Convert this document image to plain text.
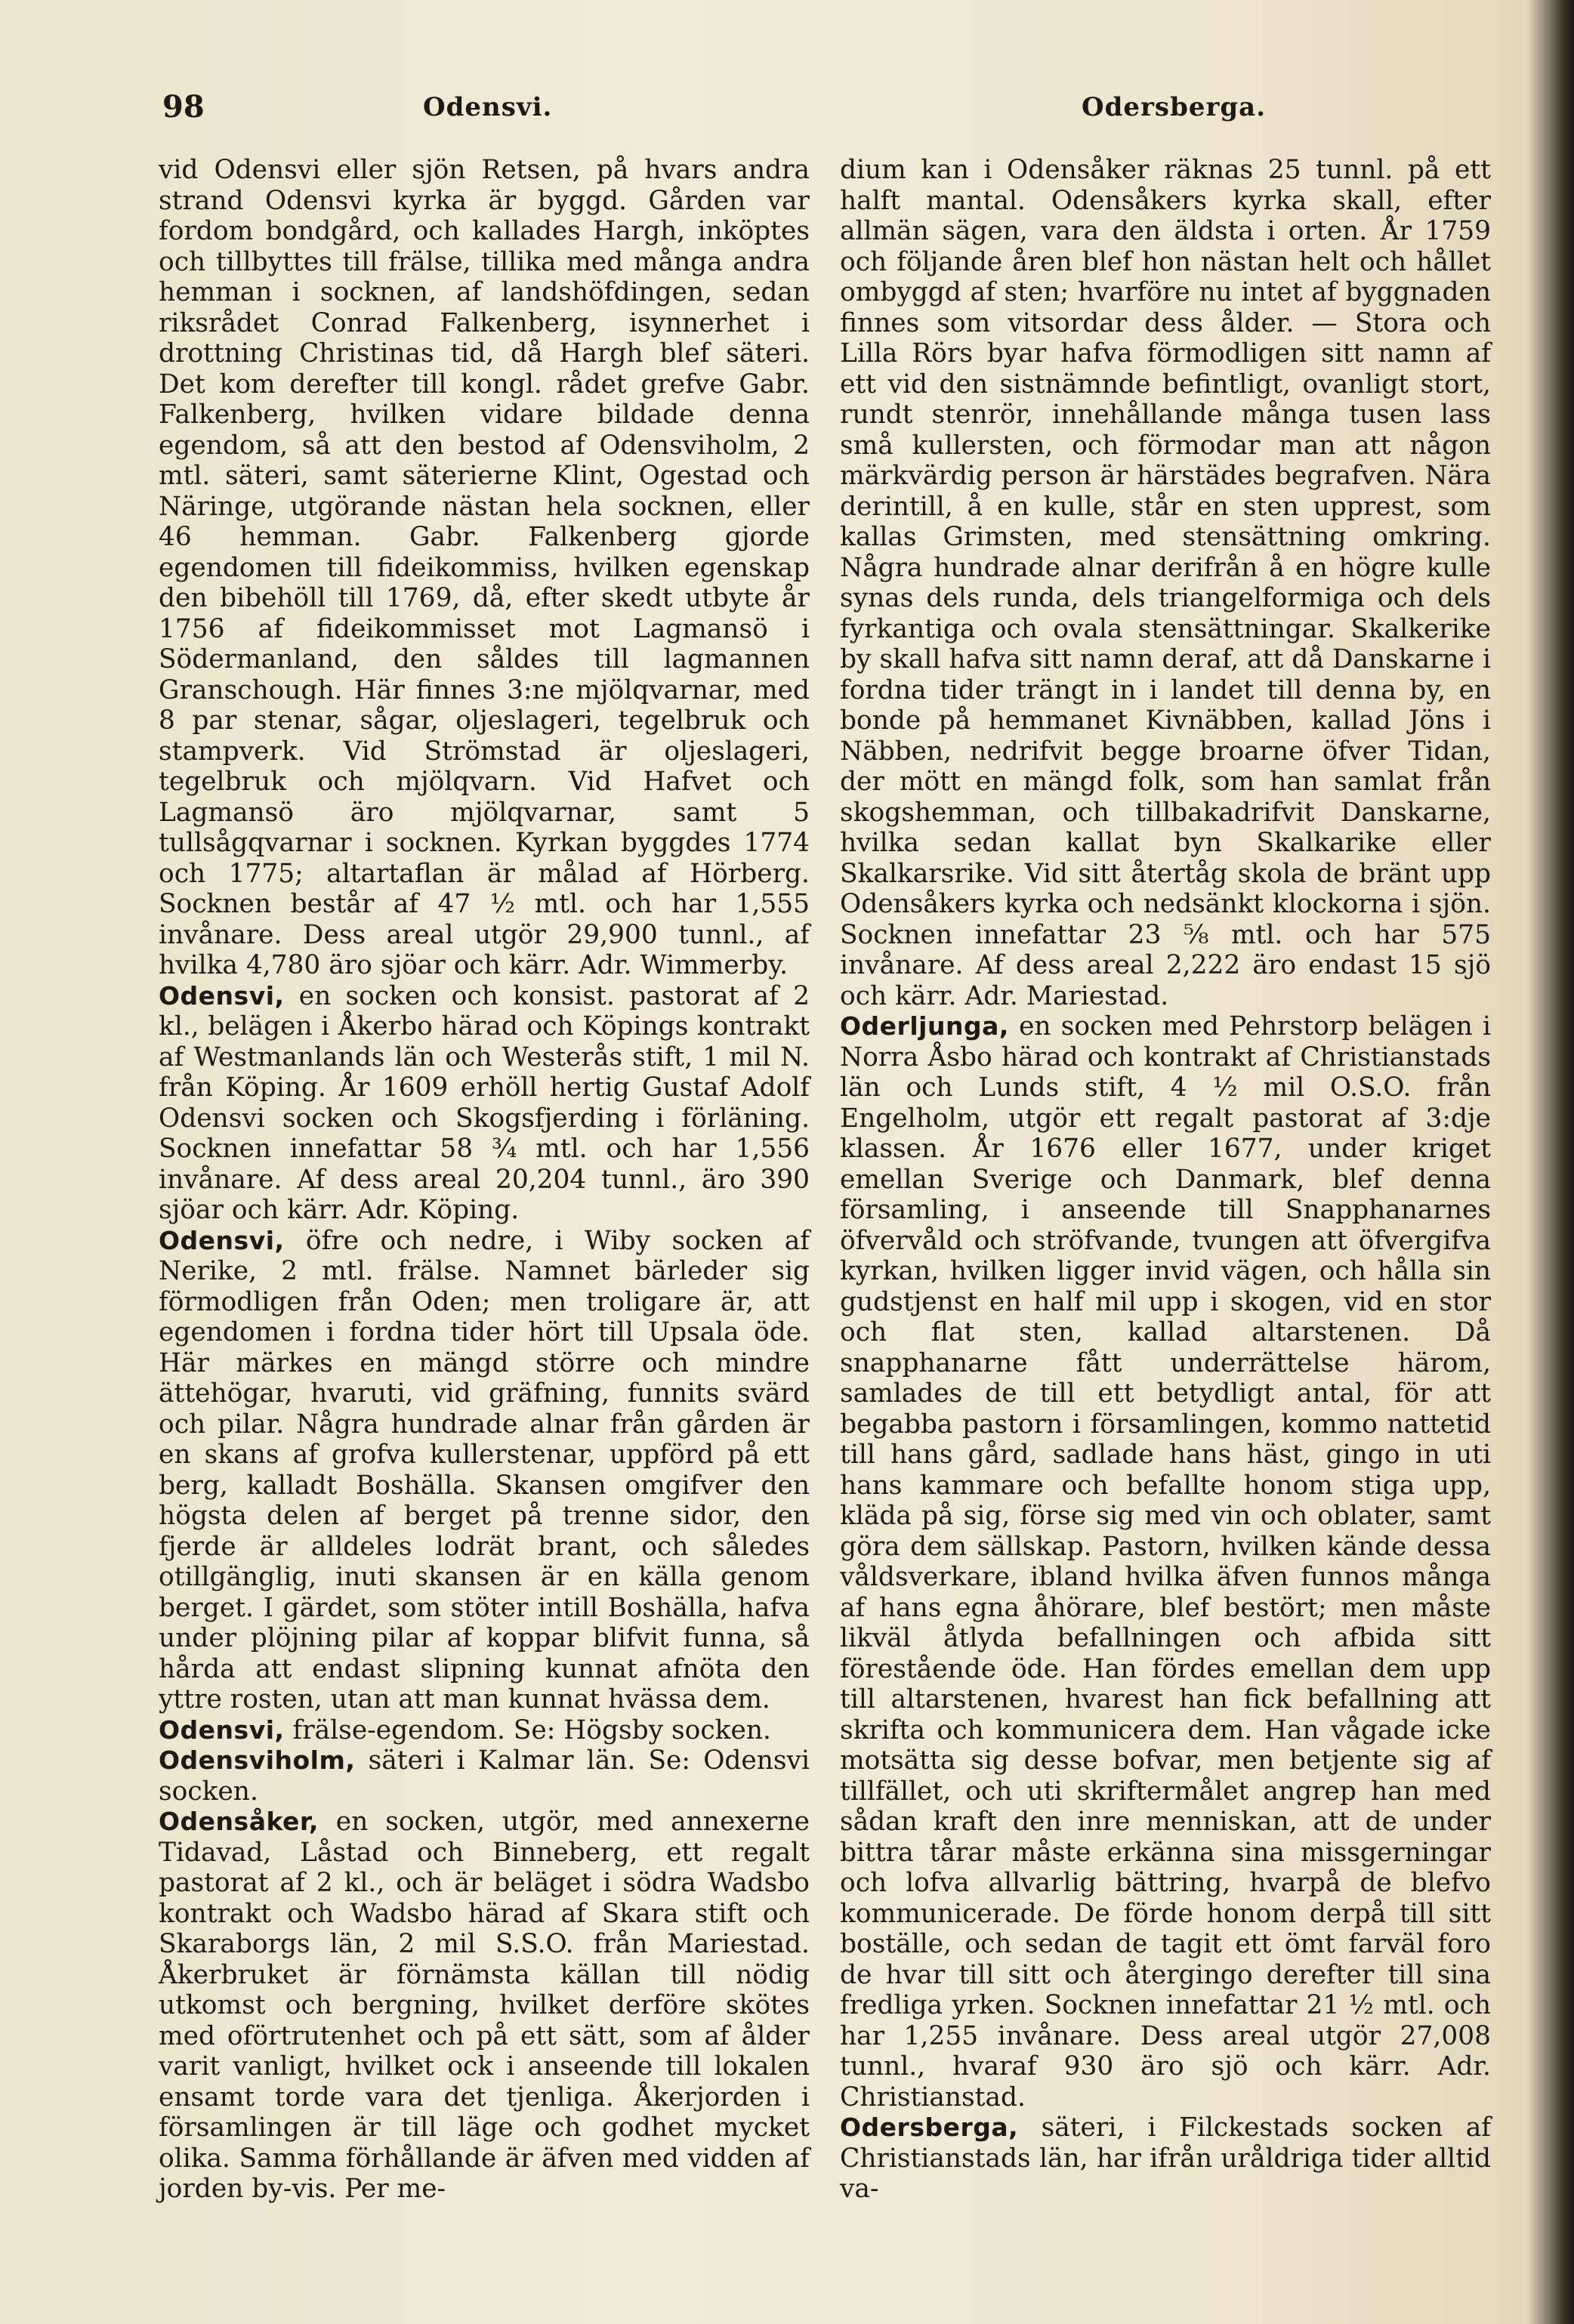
98	Odensvi.	Odersberga.

vid Odensvi eller sjön Retsen, på hvars andra strand Odensvi kyrka är byggd. Gården var fordom bondgård, och kallades Hargh, inköptes och tillbyttes till frälse, tillika med många andra hemman i socknen, af landshöfdingen, sedan riksrådet Conrad Falkenberg, isynnerhet i drottning Christinas tid, då Hargh blef säteri. Det kom derefter till kongl. rådet grefve Gabr. Falkenberg, hvilken vidare bildade denna egendom, så att den bestod af Odensviholm, 2 mtl. säteri, samt säterierne Klint, Ogestad och Näringe, utgörande nästan hela socknen, eller 46 hemman. Gabr. Falkenberg gjorde egendomen till fideikommiss, hvilken egenskap den bibehöll till 1769, då, efter skedt utbyte år 1756 af fideikommisset mot Lagmansö i Södermanland, den såldes till lagmannen Granschough. Här finnes 3:ne mjölqvarnar, med 8 par stenar, sågar, oljeslageri, tegelbruk och stampverk. Vid Strömstad är oljeslageri, tegelbruk och mjölqvarn. Vid Hafvet och Lagmansö äro mjölqvarnar, samt 5 tullsågqvarnar i socknen. Kyrkan byggdes 1774 och 1775; altartaflan är målad af Hörberg. Socknen består af 47 ½ mtl. och har 1,555 invånare. Dess areal utgör 29,900 tunnl., af hvilka 4,780 äro sjöar och kärr. Adr. Wimmerby.

Odensvi, en socken och konsist. pastorat af 2 kl., belägen i Åkerbo härad och Köpings kontrakt af Westmanlands län och Westerås stift, 1 mil N. från Köping. År 1609 erhöll hertig Gustaf Adolf Odensvi socken och Skogsfjerding i förläning. Socknen innefattar 58 ¾ mtl. och har 1,556 invånare. Af dess areal 20,204 tunnl., äro 390 sjöar och kärr. Adr. Köping.

Odensvi, öfre och nedre, i Wiby socken af Nerike, 2 mtl. frälse. Namnet bärleder sig förmodligen från Oden; men troligare är, att egendomen i fordna tider hört till Upsala öde. Här märkes en mängd större och mindre ättehögar, hvaruti, vid gräfning, funnits svärd och pilar. Några hundrade alnar från gården är en skans af grofva kullerstenar, uppförd på ett berg, kalladt Boshälla. Skansen omgifver den högsta delen af berget på trenne sidor, den fjerde är alldeles lodrät brant, och således otillgänglig, inuti skansen är en källa genom berget. I gärdet, som stöter intill Boshälla, hafva under plöjning pilar af koppar blifvit funna, så hårda att endast slipning kunnat afnöta den yttre rosten, utan att man kunnat hvässa dem.

Odensvi, frälse-egendom. Se: Högsby socken.

Odensviholm, säteri i Kalmar län. Se: Odensvi socken.

Odensåker, en socken, utgör, med annexerne Tidavad, Låstad och Binneberg, ett regalt pastorat af 2 kl., och är beläget i södra Wadsbo kontrakt och Wadsbo härad af Skara stift och Skaraborgs län, 2 mil S.S.O. från Mariestad. Åkerbruket är förnämsta källan till nödig utkomst och bergning, hvilket derföre skötes med oförtrutenhet och på ett sätt, som af ålder varit vanligt, hvilket ock i anseende till lokalen ensamt torde vara det tjenliga. Åkerjorden i församlingen är till läge och godhet mycket olika. Samma förhållande är äfven med vidden af jorden by-vis. Per me-

dium kan i Odensåker räknas 25 tunnl. på ett halft mantal. Odensåkers kyrka skall, efter allmän sägen, vara den äldsta i orten. År 1759 och följande åren blef hon nästan helt och hållet ombyggd af sten; hvarföre nu intet af byggnaden finnes som vitsordar dess ålder. — Stora och Lilla Rörs byar hafva förmodligen sitt namn af ett vid den sistnämnde befintligt, ovanligt stort, rundt stenrör, innehållande många tusen lass små kullersten, och förmodar man att någon märkvärdig person är härstädes begrafven. Nära derintill, å en kulle, står en sten upprest, som kallas Grimsten, med stensättning omkring. Några hundrade alnar derifrån å en högre kulle synas dels runda, dels triangelformiga och dels fyrkantiga och ovala stensättningar. Skalkerike by skall hafva sitt namn deraf, att då Danskarne i fordna tider trängt in i landet till denna by, en bonde på hemmanet Kivnäbben, kallad Jöns i Näbben, nedrifvit begge broarne öfver Tidan, der mött en mängd folk, som han samlat från skogshemman, och tillbakadrifvit Danskarne, hvilka sedan kallat byn Skalkarike eller Skalkarsrike. Vid sitt återtåg skola de bränt upp Odensåkers kyrka och nedsänkt klockorna i sjön. Socknen innefattar 23 ⅝ mtl. och har 575 invånare. Af dess areal 2,222 äro endast 15 sjö och kärr. Adr. Mariestad.

Oderljunga, en socken med Pehrstorp belägen i Norra Åsbo härad och kontrakt af Christianstads län och Lunds stift, 4 ½ mil O.S.O. från Engelholm, utgör ett regalt pastorat af 3:dje klassen. År 1676 eller 1677, under kriget emellan Sverige och Danmark, blef denna församling, i anseende till Snapphanarnes öfvervåld och ströfvande, tvungen att öfvergifva kyrkan, hvilken ligger invid vägen, och hålla sin gudstjenst en half mil upp i skogen, vid en stor och flat sten, kallad altarstenen. Då snapphanarne fått underrättelse härom, samlades de till ett betydligt antal, för att begabba pastorn i församlingen, kommo nattetid till hans gård, sadlade hans häst, gingo in uti hans kammare och befallte honom stiga upp, kläda på sig, förse sig med vin och oblater, samt göra dem sällskap. Pastorn, hvilken kände dessa våldsverkare, ibland hvilka äfven funnos många af hans egna åhörare, blef bestört; men måste likväl åtlyda befallningen och afbida sitt förestående öde. Han fördes emellan dem upp till altarstenen, hvarest han fick befallning att skrifta och kommunicera dem. Han vågade icke motsätta sig desse bofvar, men betjente sig af tillfället, och uti skriftermålet angrep han med sådan kraft den inre menniskan, att de under bittra tårar måste erkänna sina missgerningar och lofva allvarlig bättring, hvarpå de blefvo kommunicerade. De förde honom derpå till sitt boställe, och sedan de tagit ett ömt farväl foro de hvar till sitt och återgingo derefter till sina fredliga yrken. Socknen innefattar 21 ½ mtl. och har 1,255 invånare. Dess areal utgör 27,008 tunnl., hvaraf 930 äro sjö och kärr. Adr. Christianstad.

Odersberga, säteri, i Filckestads socken af Christianstads län, har ifrån uråldriga tider alltid va-
